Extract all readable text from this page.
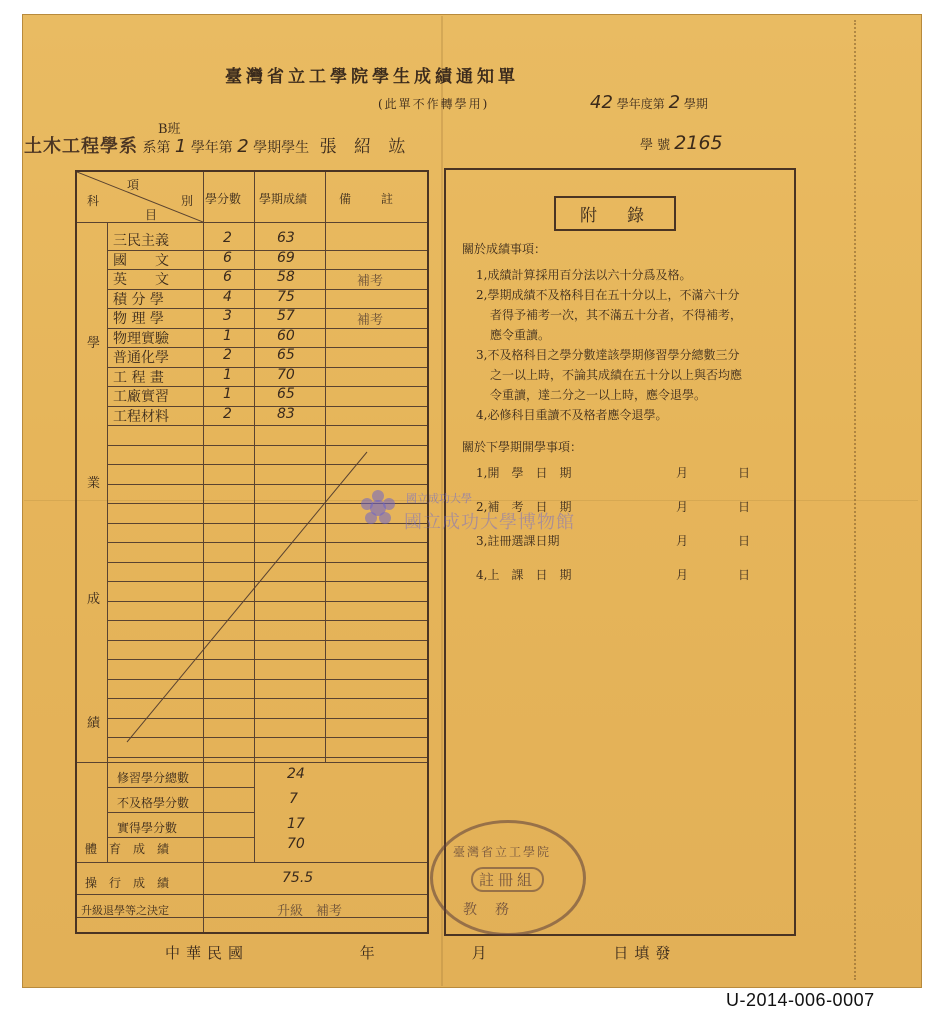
臺灣省立工學院學生成績通知單
(此單不作轉學用)	42 學年度第 2 學期
B班
土木工程學系 系第 1 學年第 2 學期學生 張 紹 竑	學 號 2165
項
科	別
目
學分數 學期成績	備　　註
學
業
成
績
三民主義	2	63
國　　文	6	69
英　　文	6	58	補考
積 分 學	4	75
物 理 學	3	57	補考
物理實驗	1	60
普通化學	2	65
工 程 畫	1	70
工廠實習	1	65
工程材料	2	83
修習學分總數	24
不及格學分數	7
實得學分數	17
體　育　成　績	70
操　行　成　績	75.5
升級退學等之決定	升級　補考
附錄
關於成績事項：
1,成績計算採用百分法以六十分爲及格。
2,學期成績不及格科目在五十分以上，不滿六十分
者得予補考一次，其不滿五十分者，不得補考，
應令重讀。
3,不及格科目之學分數達該學期修習學分總數三分
之一以上時，不論其成績在五十分以上與否均應
令重讀，達二分之一以上時，應令退學。
4,必修科目重讀不及格者應令退學。
關於下學期開學事項：
1,開　學　日　期	月	日
2,補　考　日　期	月	日
3,註冊選課日期	月	日
4,上　課　日　期	月	日
臺灣省立工學院
註冊組
教務
國立成功大學
國立成功大學博物館
中華民國	年	月	日填發
U-2014-006-0007
